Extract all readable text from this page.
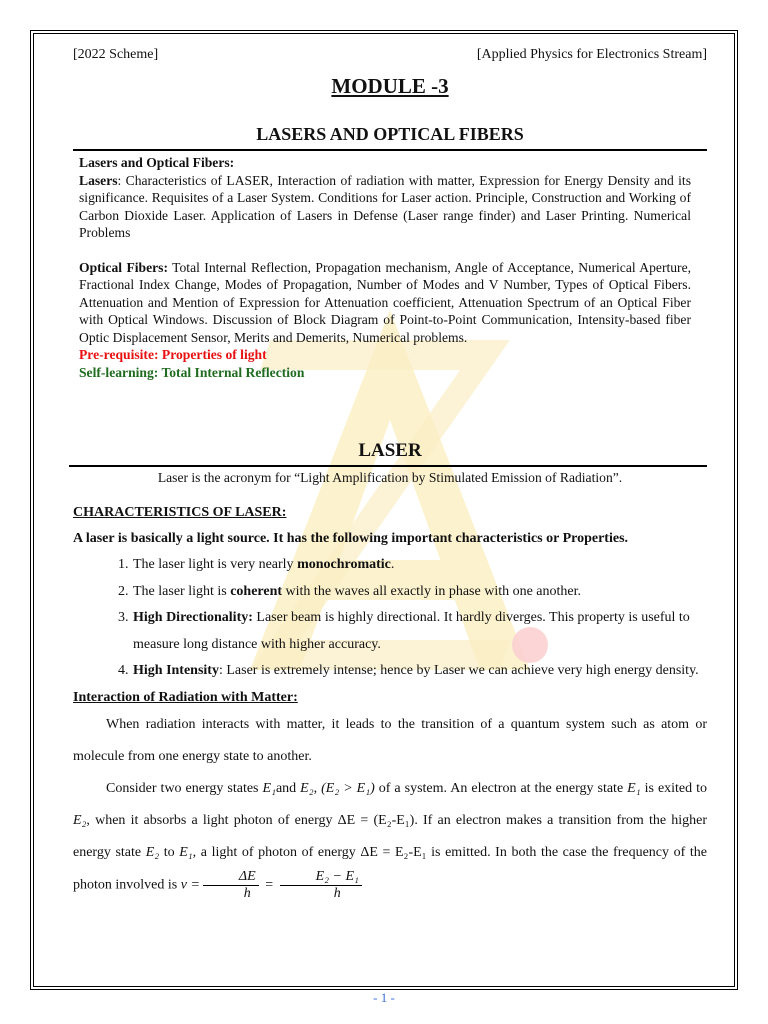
[2022 Scheme]	[Applied Physics for Electronics Stream]
MODULE -3
LASERS AND OPTICAL FIBERS

Lasers and Optical Fibers:

Lasers: Characteristics of LASER, Interaction of radiation with matter, Expression for Energy Density and its significance. Requisites of a Laser System. Conditions for Laser action. Principle, Construction and Working of Carbon Dioxide Laser. Application of Lasers in Defense (Laser range finder) and Laser Printing. Numerical Problems

Optical Fibers: Total Internal Reflection, Propagation mechanism, Angle of Acceptance, Numerical Aperture, Fractional Index Change, Modes of Propagation, Number of Modes and V Number, Types of Optical Fibers. Attenuation and Mention of Expression for Attenuation coefficient, Attenuation Spectrum of an Optical Fiber with Optical Windows. Discussion of Block Diagram of Point-to-Point Communication, Intensity-based fiber Optic Displacement Sensor, Merits and Demerits, Numerical problems.

Pre-requisite: Properties of light

Self-learning: Total Internal Reflection

LASER
Laser is the acronym for “Light Amplification by Stimulated Emission of Radiation”.

CHARACTERISTICS OF LASER:

A laser is basically a light source. It has the following important characteristics or Properties.

1. The laser light is very nearly monochromatic.
2. The laser light is coherent with the waves all exactly in phase with one another.
3. High Directionality: Laser beam is highly directional. It hardly diverges. This property is useful to measure long distance with higher accuracy.
4. High Intensity: Laser is extremely intense; hence by Laser we can achieve very high energy density.

Interaction of Radiation with Matter:

When radiation interacts with matter, it leads to the transition of a quantum system such as atom or molecule from one energy state to another.

Consider two energy states E₁and E₂, (E₂ > E₁) of a system. An electron at the energy state E₁ is exited to E₂, when it absorbs a light photon of energy ΔE = (E₂-E₁). If an electron makes a transition from the higher energy state E₂ to E₁, a light of photon of energy ΔE = E₂-E₁ is emitted. In both the case the frequency of the photon involved is $\nu = \frac{\Delta E}{h} = \frac{\text{E₂ − E₁}}{h}$

- 1 -
